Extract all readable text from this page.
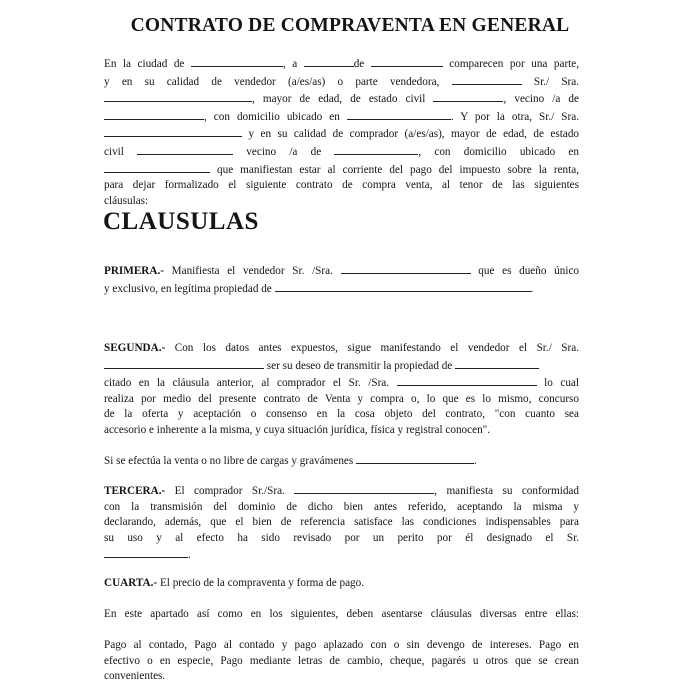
CONTRATO DE COMPRAVENTA EN GENERAL
En la ciudad de	, a	de	comparecen por una parte,
y en su calidad de vendedor (a/es/as) o parte vendedora,	Sr./ Sra.
, mayor de edad, de estado civil	, vecino /a de
, con domicilio ubicado en	. Y por la otra, Sr./ Sra.
y en su calidad de comprador (a/es/as), mayor de edad, de estado
civil	vecino /a de	, con domicilio ubicado en
que manifiestan estar al corriente del pago del impuesto sobre la renta,
para dejar formalizado el siguiente contrato de compra venta, al tenor de las siguientes
cláusulas:
CLAUSULAS
PRIMERA.- Manifiesta el vendedor Sr. /Sra.	que es dueño único
y exclusivo, en legítima propiedad de	.
SEGUNDA.- Con los datos antes expuestos, sigue manifestando el vendedor el Sr./ Sra.
ser su deseo de transmitir la propiedad de
citado en la cláusula anterior, al comprador el Sr. /Sra.	lo cual
realiza por medio del presente contrato de Venta y compra o, lo que es lo mismo, concurso
de la oferta y aceptación o consenso en la cosa objeto del contrato, "con cuanto sea
accesorio e inherente a la misma, y cuya situación jurídica, física y registral conocen".
Si se efectúa la venta o no libre de cargas y gravámenes	.
TERCERA.- El comprador Sr./Sra.	, manifiesta su conformidad
con la transmisión del dominio de dicho bien antes referido, aceptando la misma y
declarando, además, que el bien de referencia satisface las condiciones indispensables para
su uso y al efecto ha sido revisado por un perito por él designado el Sr.
.
CUARTA.- El precio de la compraventa y forma de pago.
En este apartado así como en los siguientes, deben asentarse cláusulas diversas entre ellas:
Pago al contado, Pago al contado y pago aplazado con o sin devengo de intereses. Pago en
efectivo o en especie, Pago mediante letras de cambio, cheque, pagarés u otros que se crean
convenientes.
